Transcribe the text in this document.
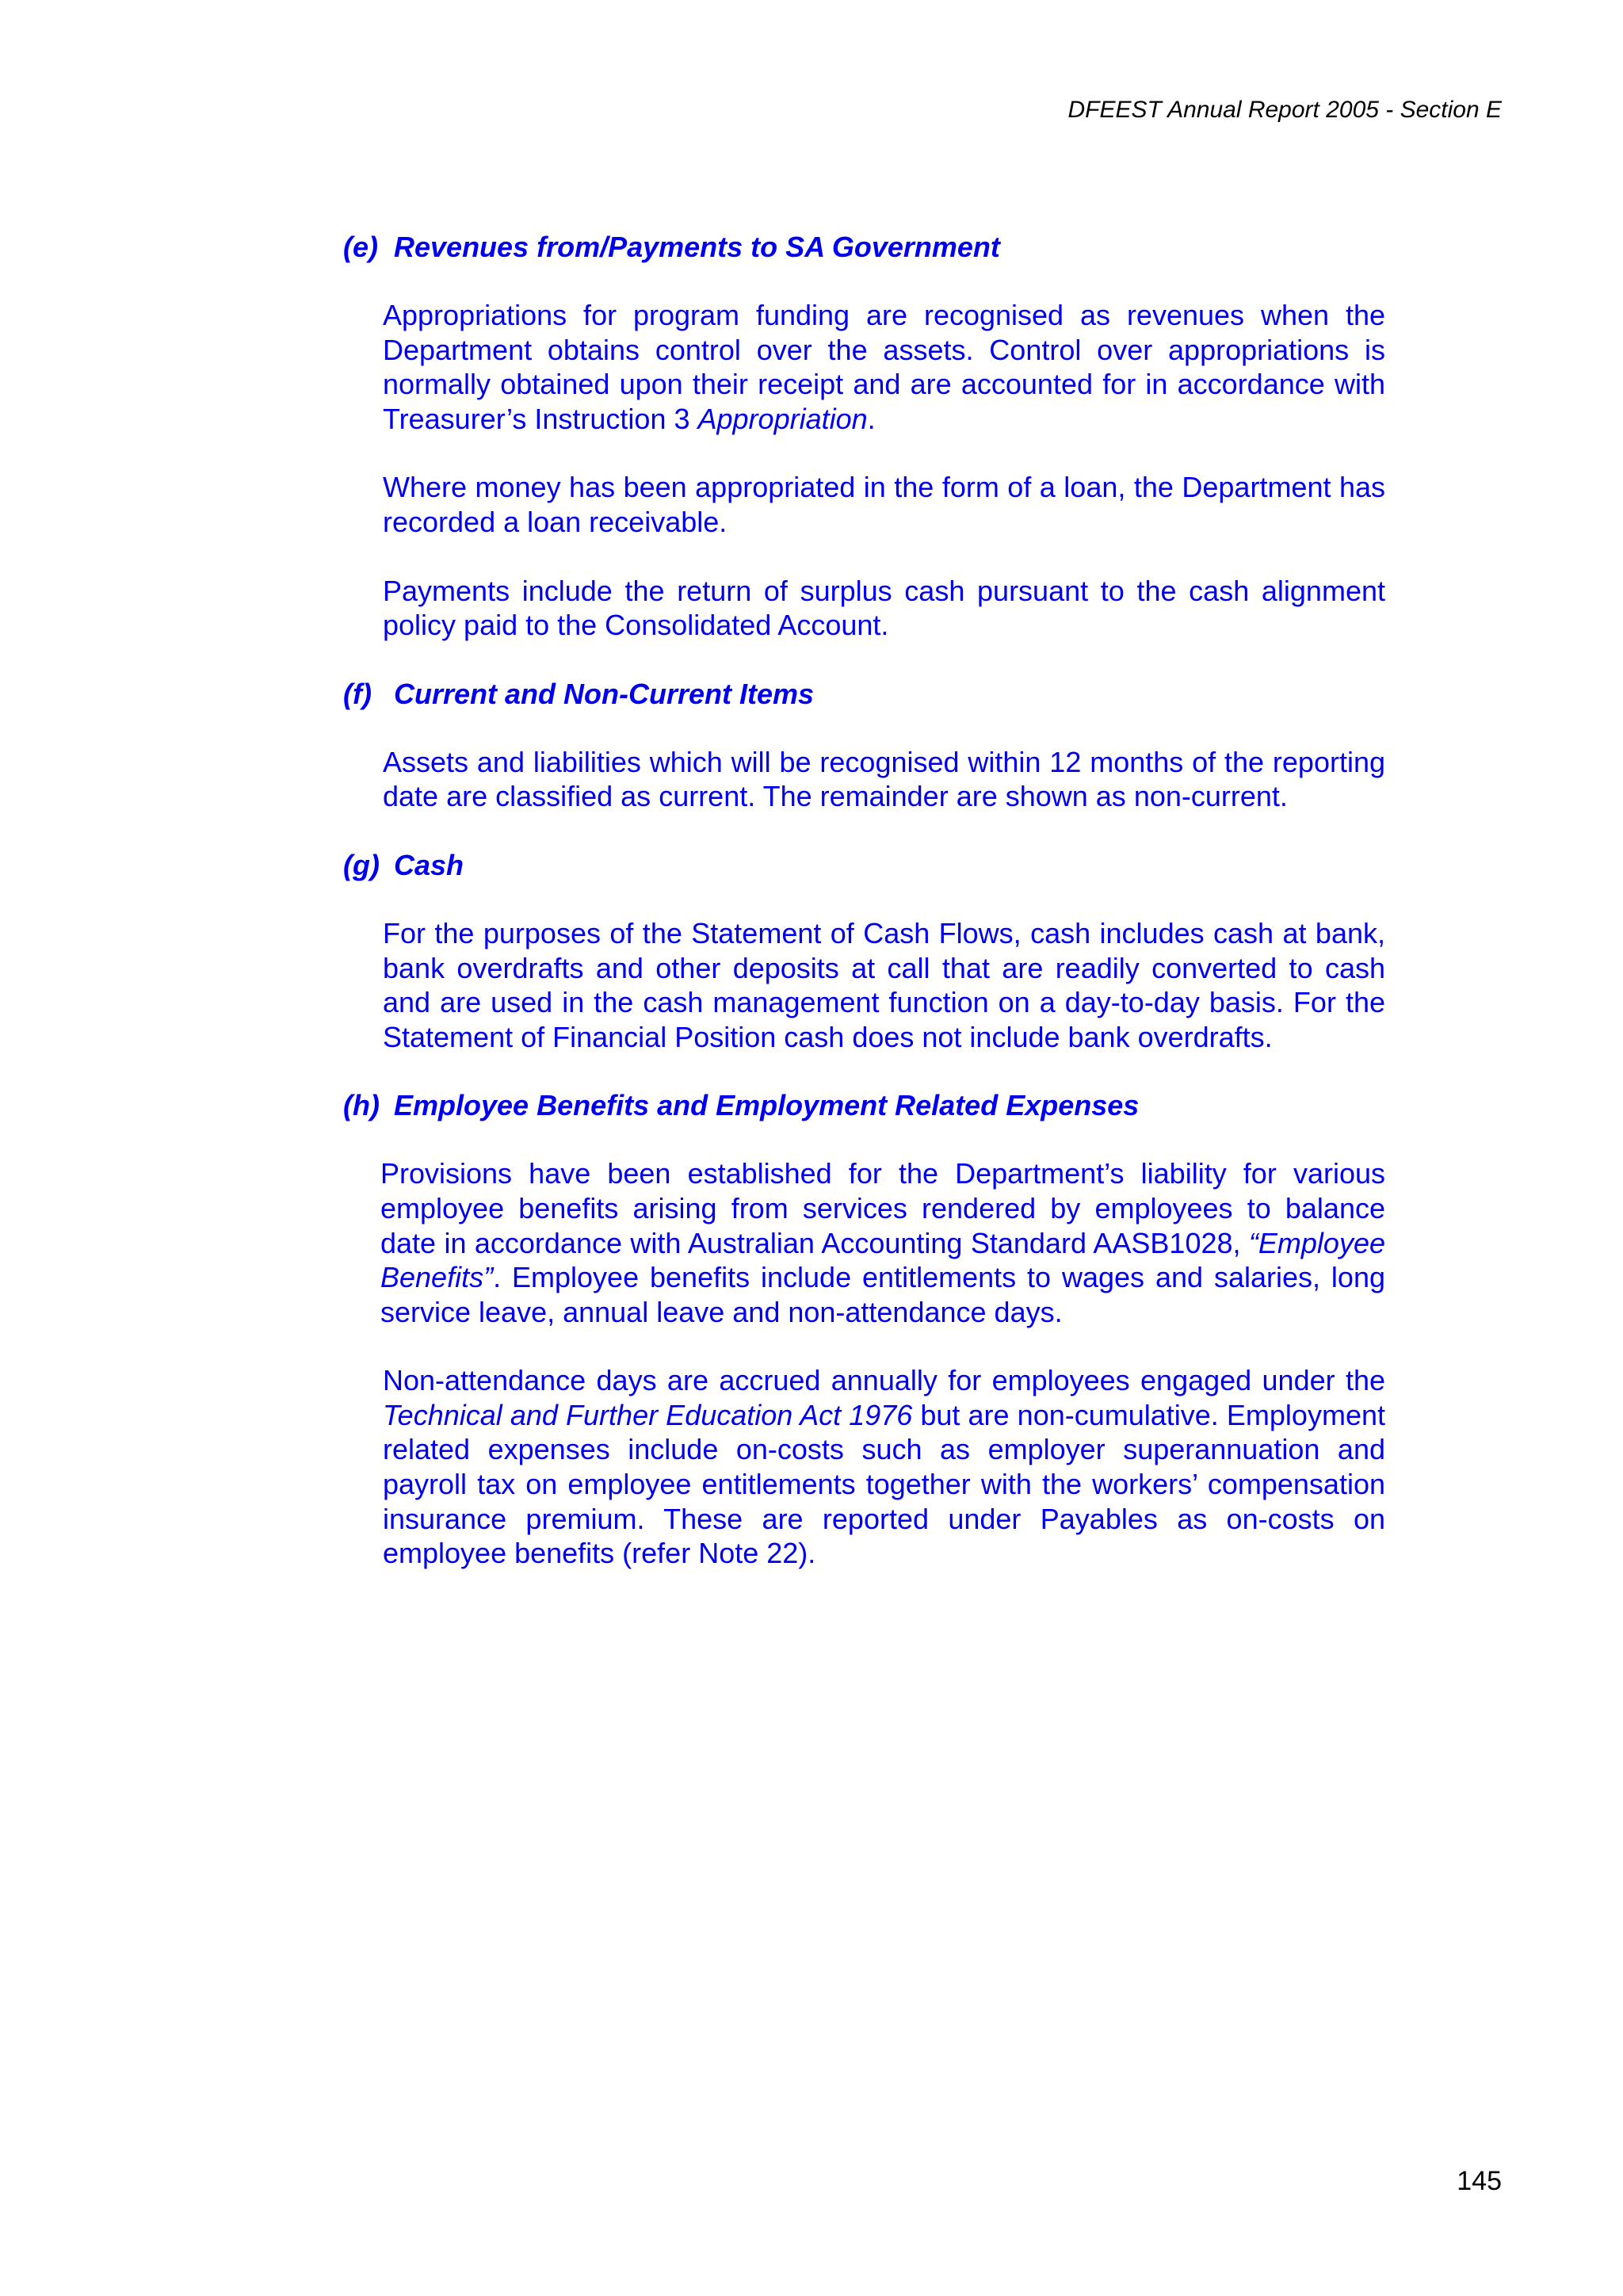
DFEEST Annual Report 2005 - Section E
(e) Revenues from/Payments to SA Government
Appropriations for program funding are recognised as revenues when the Department obtains control over the assets. Control over appropriations is normally obtained upon their receipt and are accounted for in accordance with Treasurer’s Instruction 3 Appropriation.
Where money has been appropriated in the form of a loan, the Department has recorded a loan receivable.
Payments include the return of surplus cash pursuant to the cash alignment policy paid to the Consolidated Account.
(f) Current and Non-Current Items
Assets and liabilities which will be recognised within 12 months of the reporting date are classified as current. The remainder are shown as non-current.
(g) Cash
For the purposes of the Statement of Cash Flows, cash includes cash at bank, bank overdrafts and other deposits at call that are readily converted to cash and are used in the cash management function on a day-to-day basis. For the Statement of Financial Position cash does not include bank overdrafts.
(h) Employee Benefits and Employment Related Expenses
Provisions have been established for the Department’s liability for various employee benefits arising from services rendered by employees to balance date in accordance with Australian Accounting Standard AASB1028, “Employee Benefits”. Employee benefits include entitlements to wages and salaries, long service leave, annual leave and non-attendance days.
Non-attendance days are accrued annually for employees engaged under the Technical and Further Education Act 1976 but are non-cumulative. Employment related expenses include on-costs such as employer superannuation and payroll tax on employee entitlements together with the workers’ compensation insurance premium. These are reported under Payables as on-costs on employee benefits (refer Note 22).
145
